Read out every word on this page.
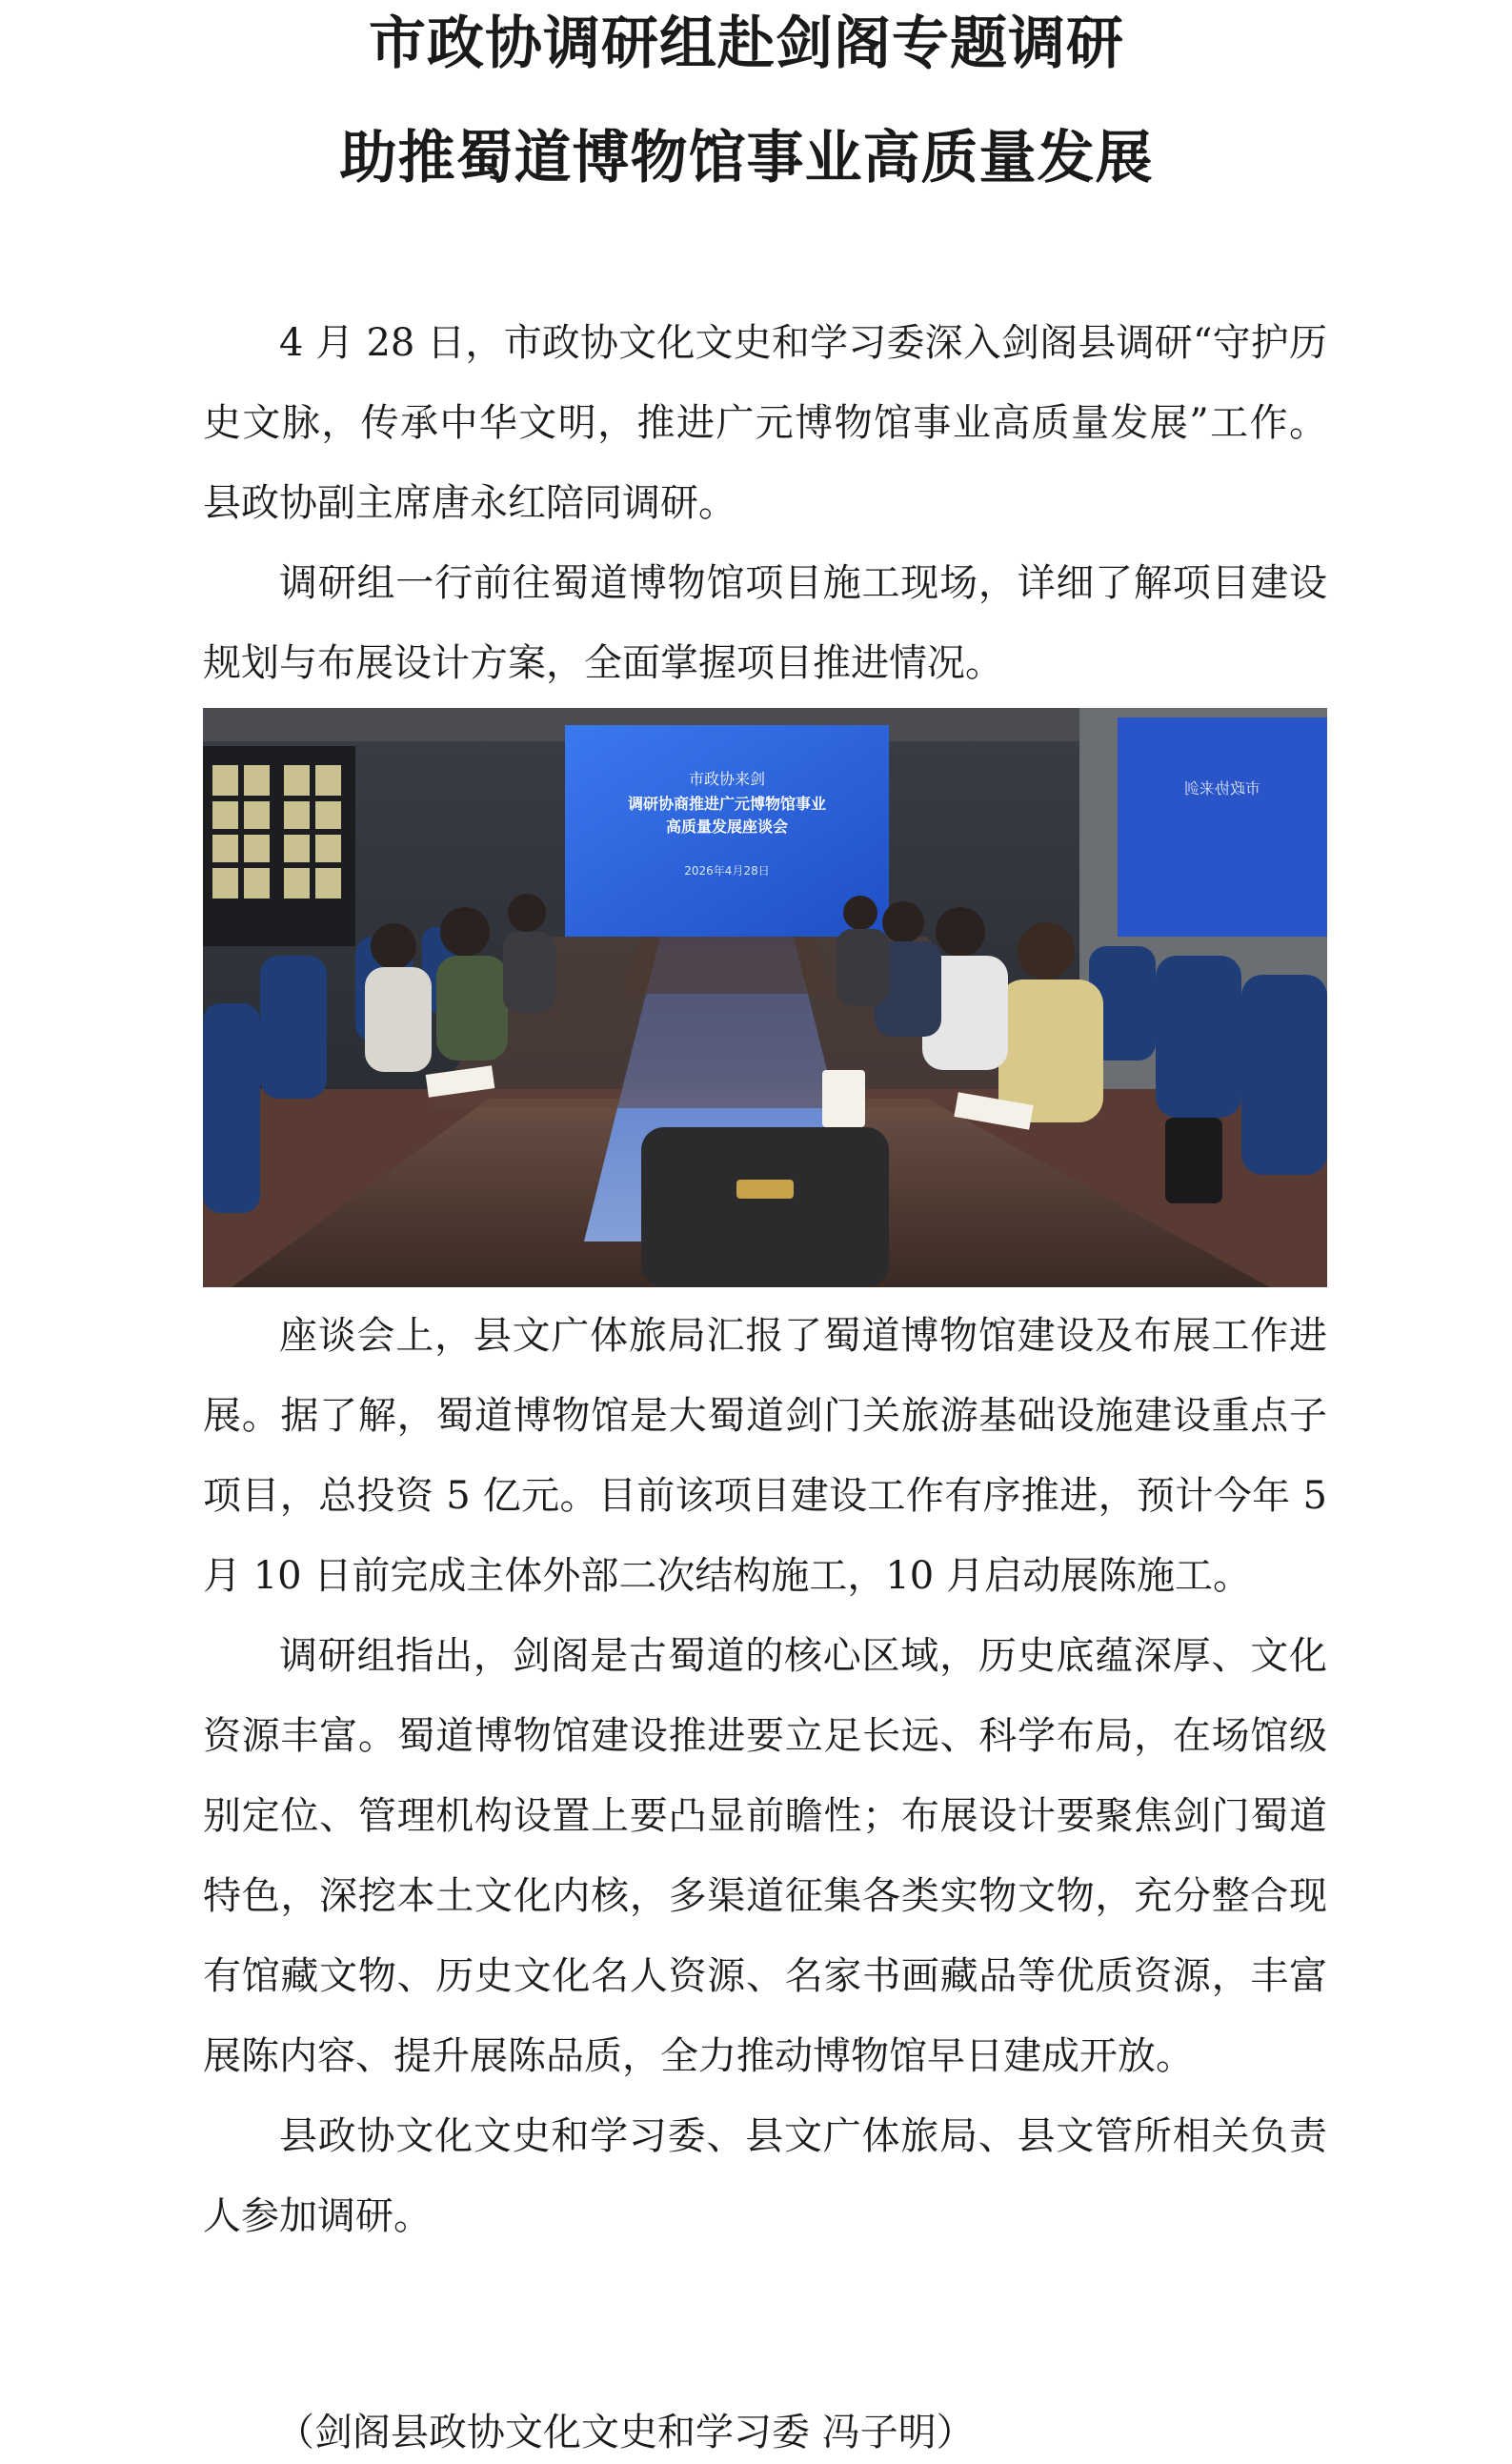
市政协调研组赴剑阁专题调研
助推蜀道博物馆事业高质量发展

4 月 28 日，市政协文化文史和学习委深入剑阁县调研“守护历史文脉，传承中华文明，推进广元博物馆事业高质量发展”工作。县政协副主席唐永红陪同调研。

调研组一行前往蜀道博物馆项目施工现场，详细了解项目建设规划与布展设计方案，全面掌握项目推进情况。

市政协来剑
市政协来剑
调研协商推进广元博物馆事业
高质量发展座谈会
2026年4月28日

座谈会上，县文广体旅局汇报了蜀道博物馆建设及布展工作进展。据了解，蜀道博物馆是大蜀道剑门关旅游基础设施建设重点子项目，总投资 5 亿元。目前该项目建设工作有序推进，预计今年 5 月 10 日前完成主体外部二次结构施工，10 月启动展陈施工。

调研组指出，剑阁是古蜀道的核心区域，历史底蕴深厚、文化资源丰富。蜀道博物馆建设推进要立足长远、科学布局，在场馆级别定位、管理机构设置上要凸显前瞻性；布展设计要聚焦剑门蜀道特色，深挖本土文化内核，多渠道征集各类实物文物，充分整合现有馆藏文物、历史文化名人资源、名家书画藏品等优质资源，丰富展陈内容、提升展陈品质，全力推动博物馆早日建成开放。

县政协文化文史和学习委、县文广体旅局、县文管所相关负责人参加调研。

（剑阁县政协文化文史和学习委 冯子明）
